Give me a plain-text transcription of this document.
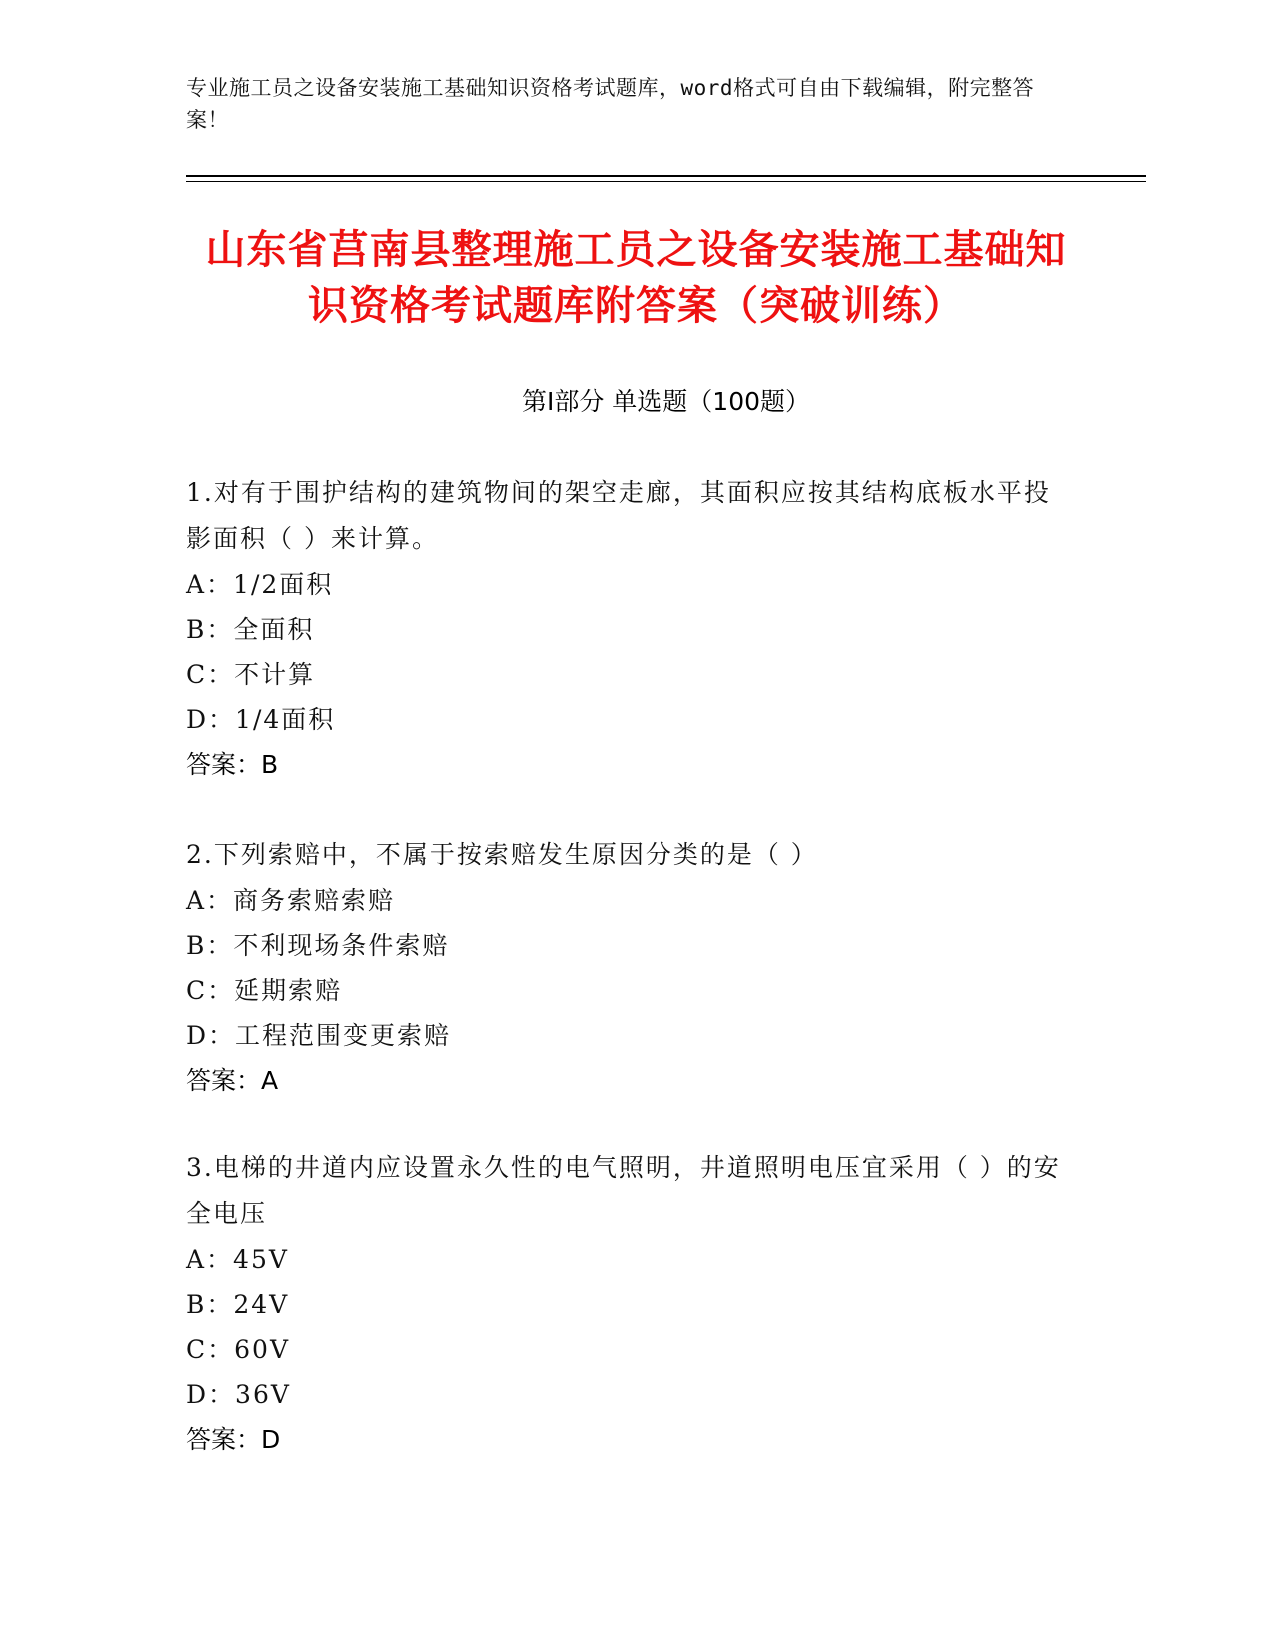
专业施工员之设备安装施工基础知识资格考试题库，word格式可自由下载编辑，附完整答案！
山东省莒南县整理施工员之设备安装施工基础知识资格考试题库附答案（突破训练）
第Ⅰ部分 单选题（100题）
1.对有于围护结构的建筑物间的架空走廊，其面积应按其结构底板水平投影面积（ ）来计算。
A：1/2面积
B：全面积
C：不计算
D：1/4面积
答案：B
2.下列索赔中，不属于按索赔发生原因分类的是（ ）
A：商务索赔索赔
B：不利现场条件索赔
C：延期索赔
D：工程范围变更索赔
答案：A
3.电梯的井道内应设置永久性的电气照明，井道照明电压宜采用（ ）的安全电压
A：45V
B：24V
C：60V
D：36V
答案：D
